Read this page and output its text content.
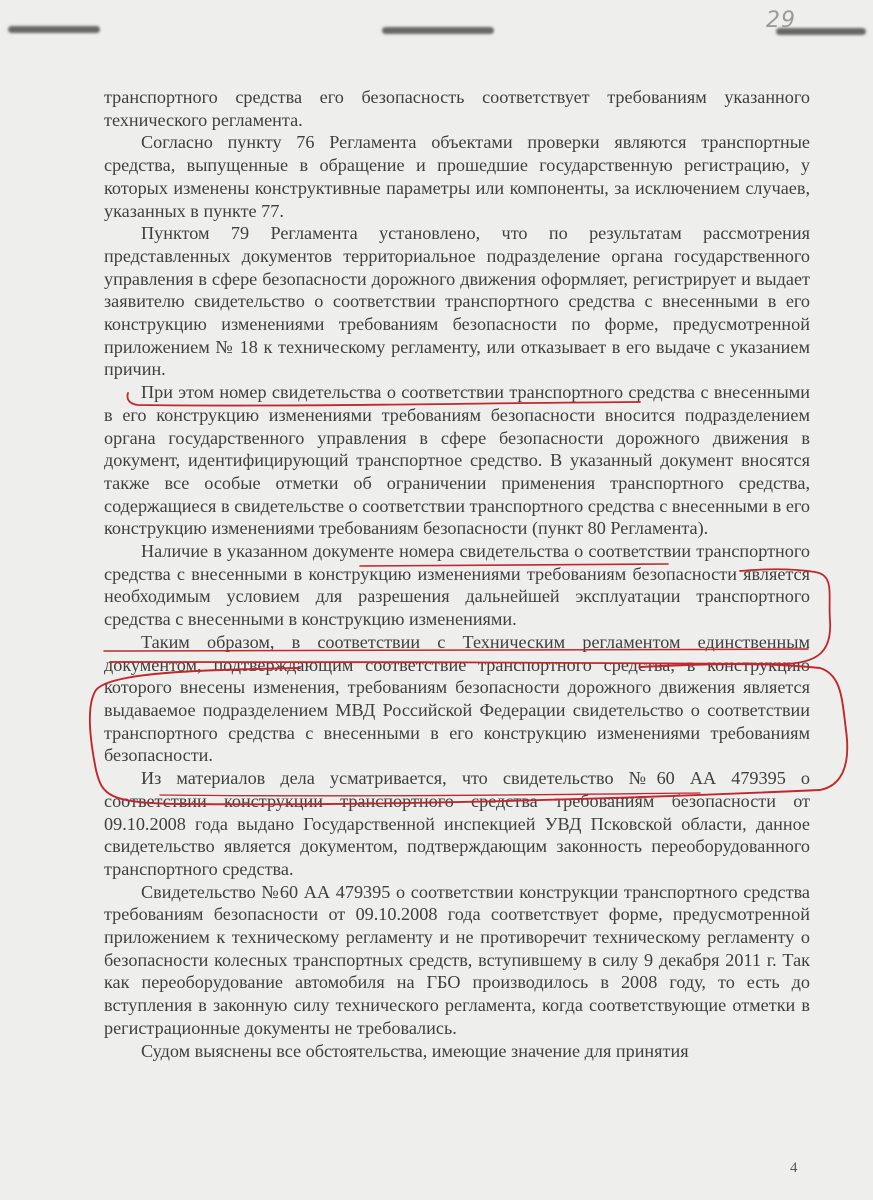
29

транспортного средства его безопасность соответствует требованиям указанного технического регламента.

Согласно пункту 76 Регламента объектами проверки являются транспортные средства, выпущенные в обращение и прошедшие государственную регистрацию, у которых изменены конструктивные параметры или компоненты, за исключением случаев, указанных в пункте 77.

Пунктом 79 Регламента установлено, что по результатам рассмотрения представленных документов территориальное подразделение органа государственного управления в сфере безопасности дорожного движения оформляет, регистрирует и выдает заявителю свидетельство о соответствии транспортного средства с внесенными в его конструкцию изменениями требованиям безопасности по форме, предусмотренной приложением № 18 к техническому регламенту, или отказывает в его выдаче с указанием причин.

При этом номер свидетельства о соответствии транспортного средства с внесенными в его конструкцию изменениями требованиям безопасности вносится подразделением органа государственного управления в сфере безопасности дорожного движения в документ, идентифицирующий транспортное средство. В указанный документ вносятся также все особые отметки об ограничении применения транспортного средства, содержащиеся в свидетельстве о соответствии транспортного средства с внесенными в его конструкцию изменениями требованиям безопасности (пункт 80 Регламента).

Наличие в указанном документе номера свидетельства о соответствии транспортного средства с внесенными в конструкцию изменениями требованиям безопасности является необходимым условием для разрешения дальнейшей эксплуатации транспортного средства с внесенными в конструкцию изменениями.

Таким образом, в соответствии с Техническим регламентом единственным документом, подтверждающим соответствие транспортного средства, в конструкцию которого внесены изменения, требованиям безопасности дорожного движения является выдаваемое подразделением МВД Российской Федерации свидетельство о соответствии транспортного средства с внесенными в его конструкцию изменениями требованиям безопасности.

Из материалов дела усматривается, что свидетельство №60 АА 479395 о соответствии конструкции транспортного средства требованиям безопасности от 09.10.2008 года выдано Государственной инспекцией УВД Псковской области, данное свидетельство является документом, подтверждающим законность переоборудованного транспортного средства.

Свидетельство №60 АА 479395 о соответствии конструкции транспортного средства требованиям безопасности от 09.10.2008 года соответствует форме, предусмотренной приложением к техническому регламенту и не противоречит техническому регламенту о безопасности колесных транспортных средств, вступившему в силу 9 декабря 2011 г. Так как переоборудование автомобиля на ГБО производилось в 2008 году, то есть до вступления в законную силу технического регламента, когда соответствующие отметки в регистрационные документы не требовались.

Судом выяснены все обстоятельства, имеющие значение для принятия

4
